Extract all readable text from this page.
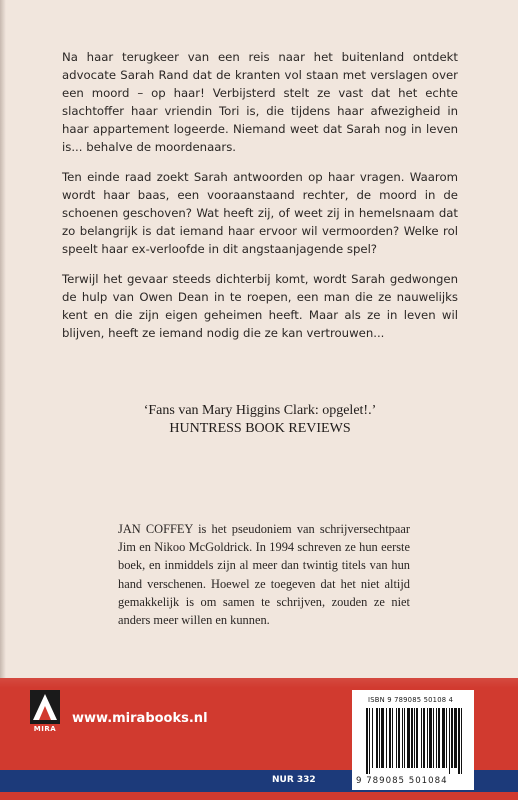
Na haar terugkeer van een reis naar het buitenland ontdekt advocate Sarah Rand dat de kranten vol staan met verslagen over een moord – op haar! Verbijsterd stelt ze vast dat het echte slachtoffer haar vriendin Tori is, die tijdens haar afwezigheid in haar appartement logeerde. Niemand weet dat Sarah nog in leven is... behalve de moordenaars.

Ten einde raad zoekt Sarah antwoorden op haar vragen. Waarom wordt haar baas, een vooraanstaand rechter, de moord in de schoenen geschoven? Wat heeft zij, of weet zij in hemelsnaam dat zo belangrijk is dat iemand haar ervoor wil vermoorden? Welke rol speelt haar ex-verloofde in dit angstaanjagende spel?

Terwijl het gevaar steeds dichterbij komt, wordt Sarah gedwongen de hulp van Owen Dean in te roepen, een man die ze nauwelijks kent en die zijn eigen geheimen heeft. Maar als ze in leven wil blijven, heeft ze iemand nodig die ze kan vertrouwen...

‘Fans van Mary Higgins Clark: opgelet!.’
HUNTRESS BOOK REVIEWS
JAN COFFEY is het pseudoniem van schrijversechtpaar Jim en Nikoo McGoldrick. In 1994 schreven ze hun eerste boek, en inmiddels zijn al meer dan twintig titels van hun hand verschenen. Hoewel ze toegeven dat het niet altijd gemakkelijk is om samen te schrijven, zouden ze niet anders meer willen en kunnen.
MIRA
www.mirabooks.nl
NUR 332
ISBN 9 789085 50108 4
9 789085 501084
